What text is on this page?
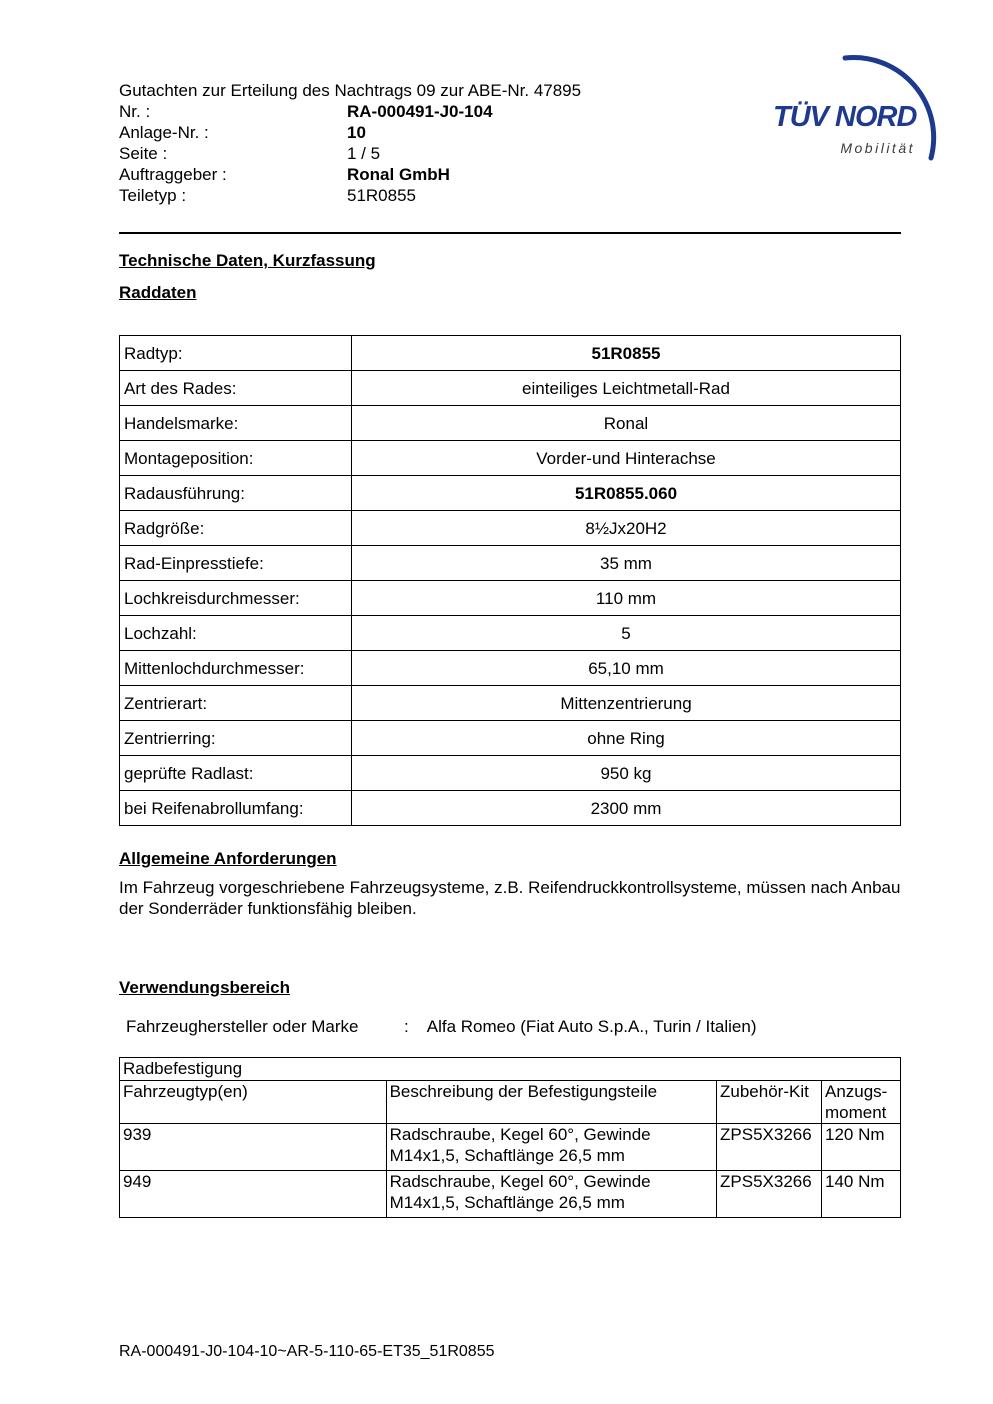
TÜV NORD
Mobilität
Gutachten zur Erteilung des Nachtrags 09 zur ABE-Nr. 47895
Nr. :	RA-000491-J0-104
Anlage-Nr. :	10
Seite :	1 / 5
Auftraggeber :	Ronal GmbH
Teiletyp :	51R0855
Technische Daten, Kurzfassung
Raddaten
Radtyp:	51R0855
Art des Rades:	einteiliges Leichtmetall-Rad
Handelsmarke:	Ronal
Montageposition:	Vorder-und Hinterachse
Radausführung:	51R0855.060
Radgröße:	8½Jx20H2
Rad-Einpresstiefe:	35 mm
Lochkreisdurchmesser:	110 mm
Lochzahl:	5
Mittenlochdurchmesser:	65,10 mm
Zentrierart:	Mittenzentrierung
Zentrierring:	ohne Ring
geprüfte Radlast:	950 kg
bei Reifenabrollumfang:	2300 mm
Allgemeine Anforderungen

Im Fahrzeug vorgeschriebene Fahrzeugsysteme, z.B. Reifendruckkontrollsysteme, müssen nach Anbau der Sonderräder funktionsfähig bleiben.

Verwendungsbereich
Fahrzeughersteller oder Marke	: Alfa Romeo (Fiat Auto S.p.A., Turin / Italien)
Radbefestigung			
Fahrzeugtyp(en)	Beschreibung der Befestigungsteile	Zubehör-Kit	Anzugs-moment
939	Radschraube, Kegel 60°, Gewinde M14x1,5, Schaftlänge 26,5 mm	ZPS5X3266	120 Nm
949	Radschraube, Kegel 60°, Gewinde M14x1,5, Schaftlänge 26,5 mm	ZPS5X3266	140 Nm
RA-000491-J0-104-10~AR-5-110-65-ET35_51R0855
